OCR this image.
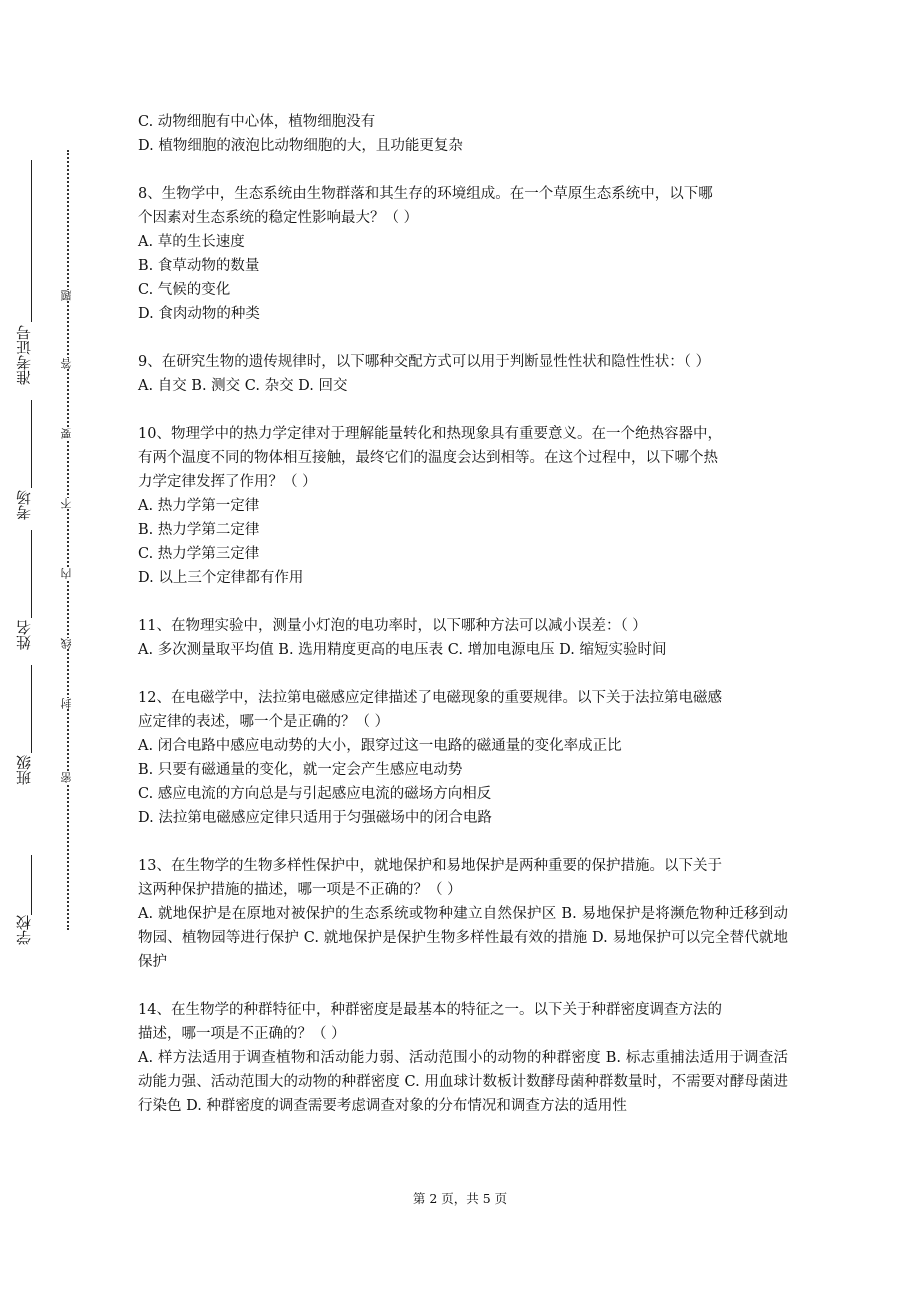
学校
班级
姓名
考场
准考证号
密
封
线
内
不
要
答
题
C. 动物细胞有中心体，植物细胞没有
D. 植物细胞的液泡比动物细胞的大，且功能更复杂
8、生物学中，生态系统由生物群落和其生存的环境组成。在一个草原生态系统中，以下哪
个因素对生态系统的稳定性影响最大？（ ）
A. 草的生长速度
B. 食草动物的数量
C. 气候的变化
D. 食肉动物的种类
9、在研究生物的遗传规律时，以下哪种交配方式可以用于判断显性性状和隐性性状：（ ）
A. 自交 B. 测交 C. 杂交 D. 回交
10、物理学中的热力学定律对于理解能量转化和热现象具有重要意义。在一个绝热容器中，
有两个温度不同的物体相互接触，最终它们的温度会达到相等。在这个过程中，以下哪个热
力学定律发挥了作用？（ ）
A. 热力学第一定律
B. 热力学第二定律
C. 热力学第三定律
D. 以上三个定律都有作用
11、在物理实验中，测量小灯泡的电功率时，以下哪种方法可以减小误差：（ ）
A. 多次测量取平均值 B. 选用精度更高的电压表 C. 增加电源电压 D. 缩短实验时间
12、在电磁学中，法拉第电磁感应定律描述了电磁现象的重要规律。以下关于法拉第电磁感
应定律的表述，哪一个是正确的？（ ）
A. 闭合电路中感应电动势的大小，跟穿过这一电路的磁通量的变化率成正比
B. 只要有磁通量的变化，就一定会产生感应电动势
C. 感应电流的方向总是与引起感应电流的磁场方向相反
D. 法拉第电磁感应定律只适用于匀强磁场中的闭合电路
13、在生物学的生物多样性保护中，就地保护和易地保护是两种重要的保护措施。以下关于
这两种保护措施的描述，哪一项是不正确的？（ ）
A. 就地保护是在原地对被保护的生态系统或物种建立自然保护区 B. 易地保护是将濒危物种迁移到动物园、植物园等进行保护 C. 就地保护是保护生物多样性最有效的措施 D. 易地保护可以完全替代就地保护
14、在生物学的种群特征中，种群密度是最基本的特征之一。以下关于种群密度调查方法的
描述，哪一项是不正确的？（ ）
A. 样方法适用于调查植物和活动能力弱、活动范围小的动物的种群密度 B. 标志重捕法适用于调查活动能力强、活动范围大的动物的种群密度 C. 用血球计数板计数酵母菌种群数量时，不需要对酵母菌进行染色 D. 种群密度的调查需要考虑调查对象的分布情况和调查方法的适用性
第 2 页，共 5 页
